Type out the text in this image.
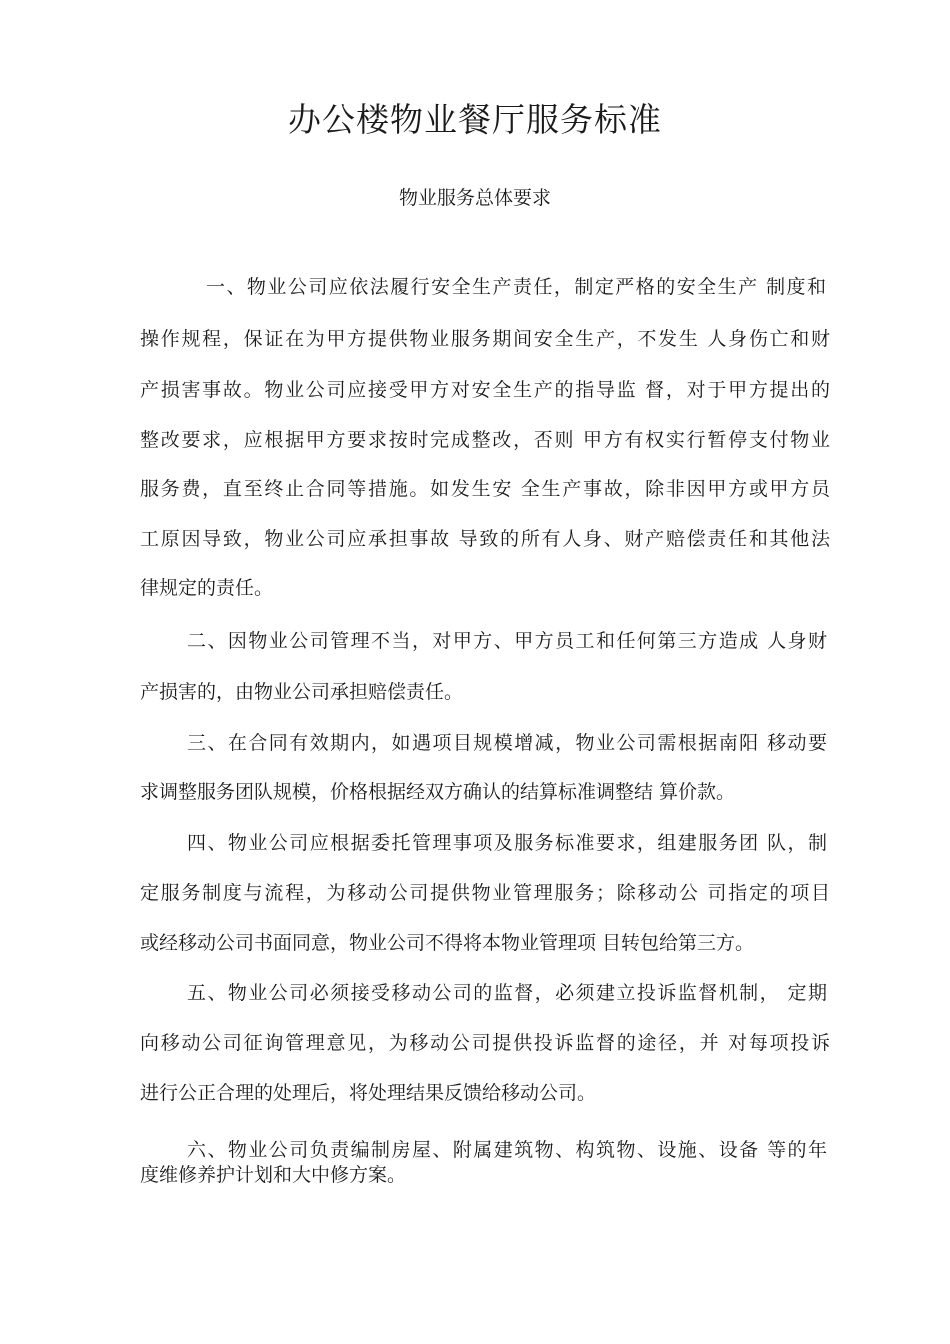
办公楼物业餐厅服务标准
物业服务总体要求

一、物业公司应依法履行安全生产责任，制定严格的安全生产 制度和

操作规程，保证在为甲方提供物业服务期间安全生产，不发生 人身伤亡和财

产损害事故。物业公司应接受甲方对安全生产的指导监 督，对于甲方提出的

整改要求，应根据甲方要求按时完成整改，否则 甲方有权实行暂停支付物业

服务费，直至终止合同等措施。如发生安 全生产事故，除非因甲方或甲方员

工原因导致，物业公司应承担事故 导致的所有人身、财产赔偿责任和其他法

律规定的责任。

二、因物业公司管理不当，对甲方、甲方员工和任何第三方造成 人身财

产损害的，由物业公司承担赔偿责任。

三、在合同有效期内，如遇项目规模增减，物业公司需根据南阳 移动要

求调整服务团队规模，价格根据经双方确认的结算标准调整结 算价款。

四、物业公司应根据委托管理事项及服务标准要求，组建服务团 队，制

定服务制度与流程，为移动公司提供物业管理服务；除移动公 司指定的项目

或经移动公司书面同意，物业公司不得将本物业管理项 目转包给第三方。

五、物业公司必须接受移动公司的监督，必须建立投诉监督机制， 定期

向移动公司征询管理意见，为移动公司提供投诉监督的途径，并 对每项投诉

进行公正合理的处理后，将处理结果反馈给移动公司。

六、物业公司负责编制房屋、附属建筑物、构筑物、设施、设备 等的年

度维修养护计划和大中修方案。
